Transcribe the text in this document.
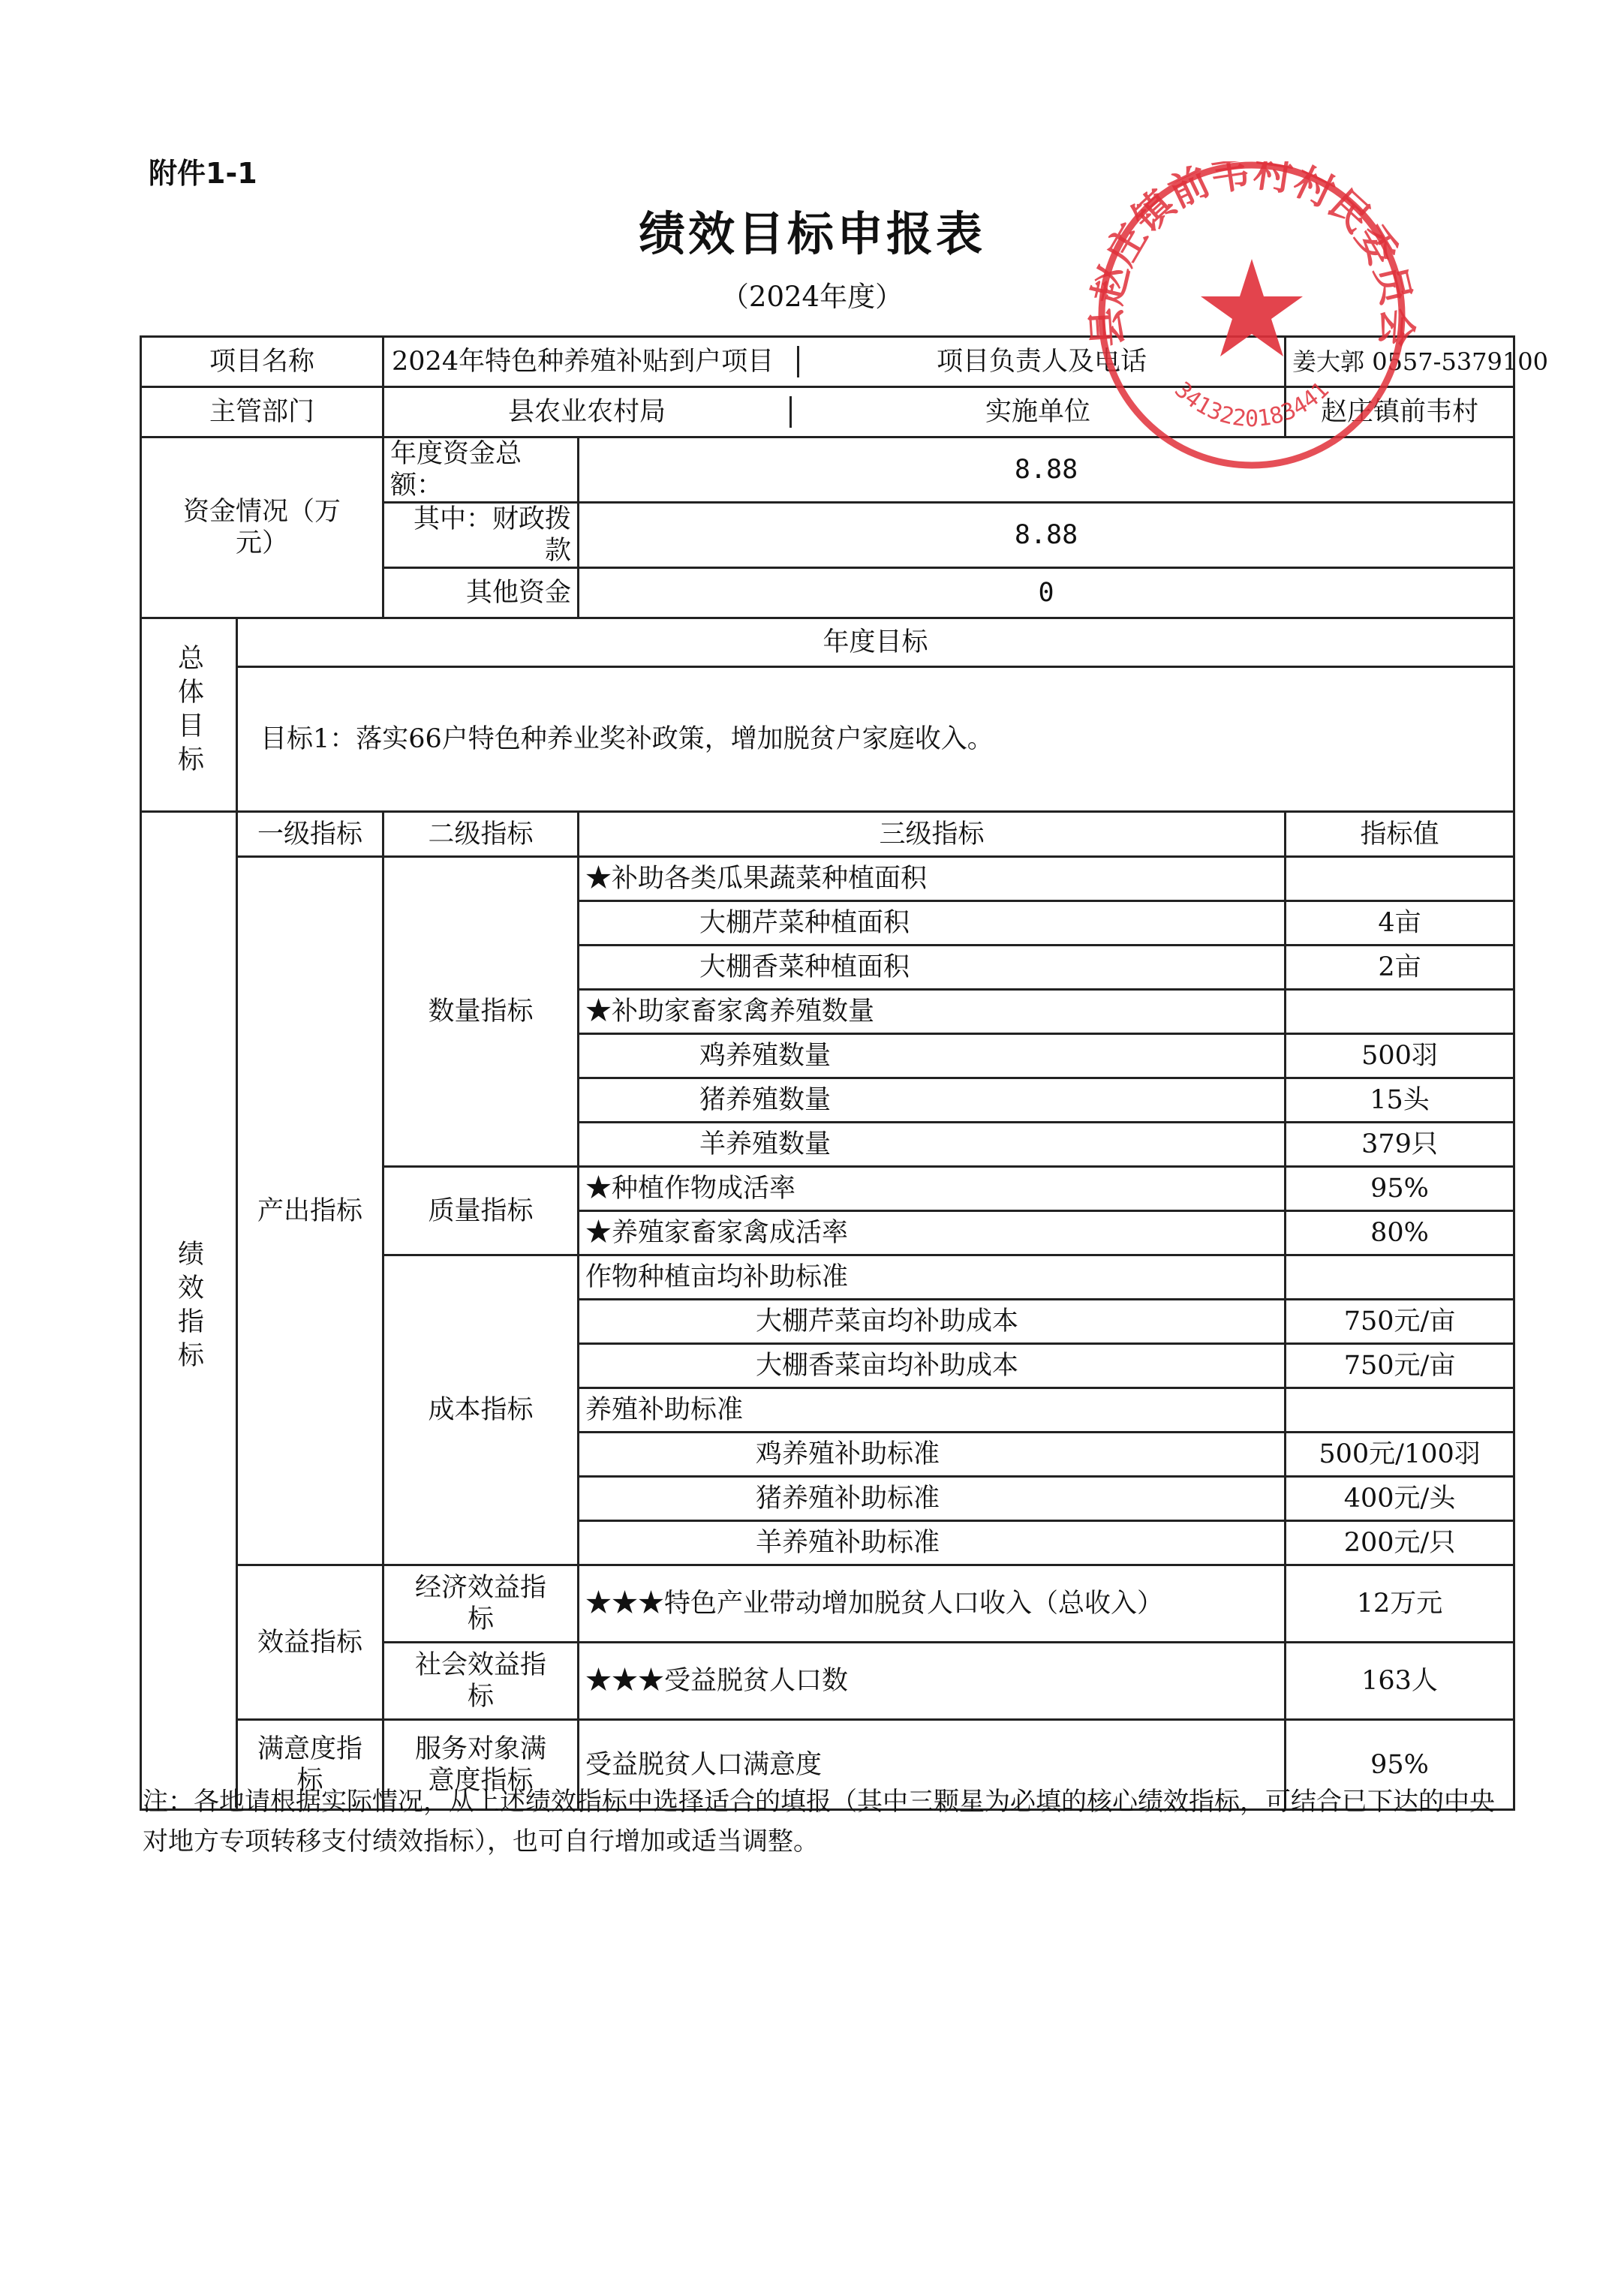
附件1-1
绩效目标申报表
（2024年度）
项目名称		2024年特色种养殖补贴到户项目 项目负责人及电话		姜大郭 0557-5379100
主管部门		县农业农村局 实施单位		赵庄镇前韦村
资金情况（万元）		年度资金总额：	8.88	
		其中：财政拨款	8.88	
		其他资金	0	
总体目标	年度目标			
	目标1：落实66户特色种养业奖补政策，增加脱贫户家庭收入。			
绩效指标	一级指标	二级指标	三级指标	指标值
	产出指标	数量指标	★补助各类瓜果蔬菜种植面积	
			大棚芹菜种植面积	4亩
			大棚香菜种植面积	2亩
			★补助家畜家禽养殖数量	
			鸡养殖数量	500羽
			猪养殖数量	15头
			羊养殖数量	379只
		质量指标	★种植作物成活率	95%
			★养殖家畜家禽成活率	80%
		成本指标	作物种植亩均补助标准	
			大棚芹菜亩均补助成本	750元/亩
			大棚香菜亩均补助成本	750元/亩
			养殖补助标准	
			鸡养殖补助标准	500元/100羽
			猪养殖补助标准	400元/头
			羊养殖补助标准	200元/只
	效益指标	经济效益指标	★★★特色产业带动增加脱贫人口收入（总收入）	12万元
		社会效益指标	★★★受益脱贫人口数	163人
	满意度指标	服务对象满意度指标	受益脱贫人口满意度	95%
注：各地请根据实际情况，从上述绩效指标中选择适合的填报（其中三颗星为必填的核心绩效指标，可结合已下达的中央对地方专项转移支付绩效指标），也可自行增加或适当调整。
县赵庄镇前韦村村民委员会
3413220183441
